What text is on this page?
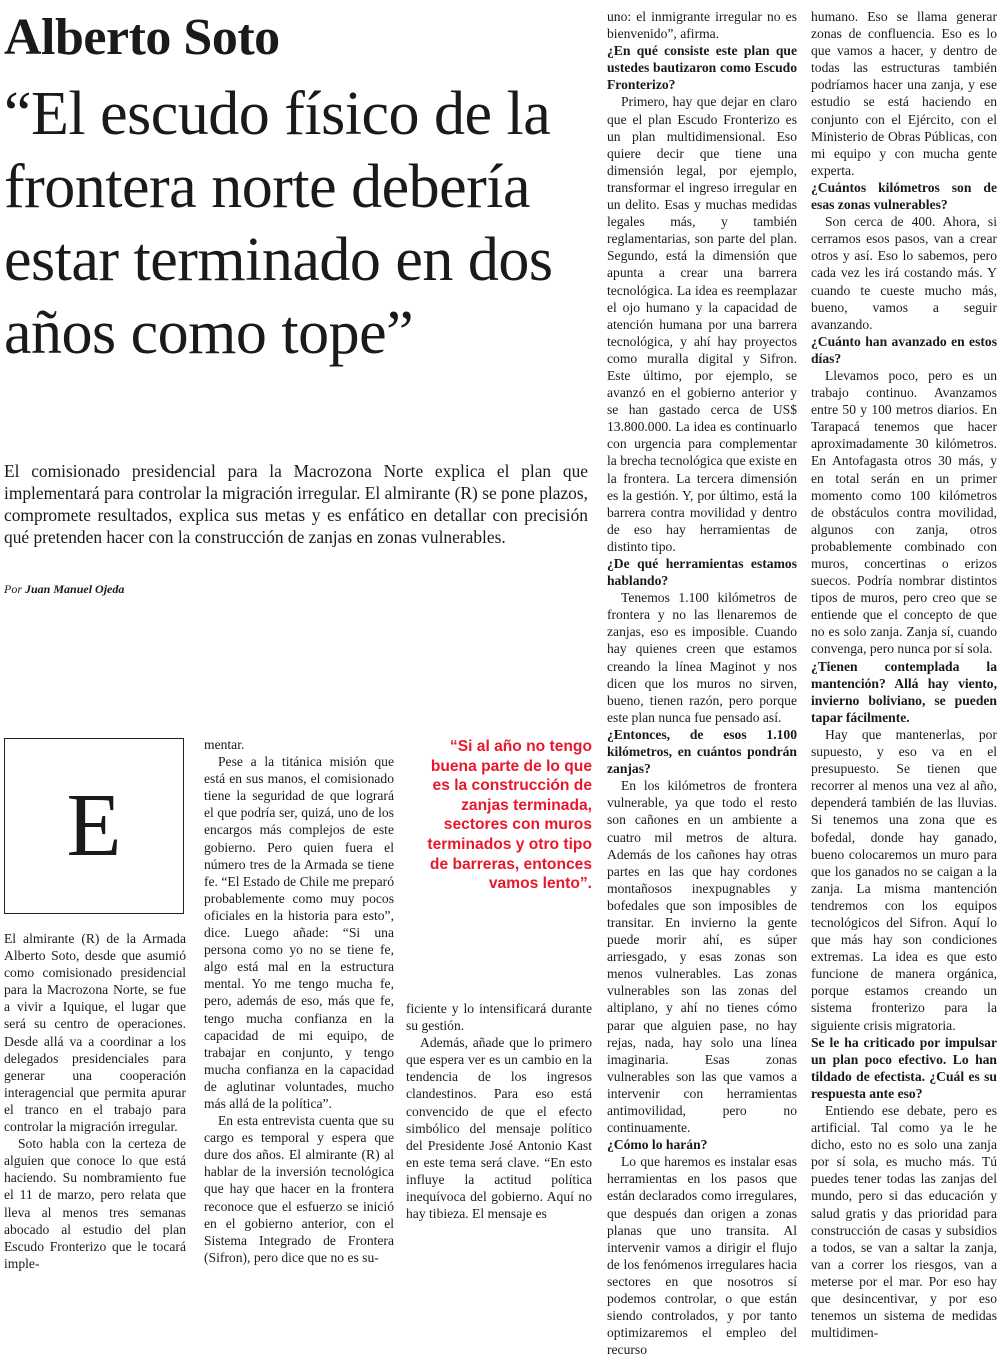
Alberto Soto
“El escudo físico de la frontera norte debería estar terminado en dos años como tope”
El comisionado presidencial para la Macrozona Norte explica el plan que implementará para controlar la migración irregular. El almirante (R) se pone plazos, compromete resultados, explica sus metas y es enfático en detallar con precisión qué pretenden hacer con la construcción de zanjas en zonas vulnerables.
Por Juan Manuel Ojeda
E

El almirante (R) de la Armada Alberto Soto, desde que asumió como comisionado presidencial para la Macrozona Norte, se fue a vivir a Iquique, el lugar que será su centro de operaciones. Desde allá va a coordinar a los delegados presidenciales para generar una cooperación interagencial que permita apurar el tranco en el trabajo para controlar la migración irregular.

Soto habla con la certeza de alguien que conoce lo que está haciendo. Su nombramiento fue el 11 de marzo, pero relata que lleva al menos tres semanas abocado al estudio del plan Escudo Fronterizo que le tocará imple-

mentar.

Pese a la titánica misión que está en sus manos, el comisionado tiene la seguridad de que logrará el que podría ser, quizá, uno de los encargos más complejos de este gobierno. Pero quien fuera el número tres de la Armada se tiene fe. “El Estado de Chile me preparó probablemente como muy pocos oficiales en la historia para esto”, dice. Luego añade: “Si una persona como yo no se tiene fe, algo está mal en la estructura mental. Yo me tengo mucha fe, pero, además de eso, más que fe, tengo mucha confianza en la capacidad de mi equipo, de trabajar en conjunto, y tengo mucha confianza en la capacidad de aglutinar voluntades, mucho más allá de la política”.

En esta entrevista cuenta que su cargo es temporal y espera que dure dos años. El almirante (R) al hablar de la inversión tecnológica que hay que hacer en la frontera reconoce que el esfuerzo se inició en el gobierno anterior, con el Sistema Integrado de Frontera (Sifron), pero dice que no es su-

“Si al año no tengo buena parte de lo que es la construcción de zanjas terminada, sectores con muros terminados y otro tipo de barreras, entonces vamos lento”.

ficiente y lo intensificará durante su gestión.

Además, añade que lo primero que espera ver es un cambio en la tendencia de los ingresos clandestinos. Para eso está convencido de que el efecto simbólico del mensaje político del Presidente José Antonio Kast en este tema será clave. “En esto influye la actitud política inequívoca del gobierno. Aquí no hay tibieza. El mensaje es

uno: el inmigrante irregular no es bienvenido”, afirma.

¿En qué consiste este plan que ustedes bautizaron como Escudo Fronterizo?

Primero, hay que dejar en claro que el plan Escudo Fronterizo es un plan multidimensional. Eso quiere decir que tiene una dimensión legal, por ejemplo, transformar el ingreso irregular en un delito. Esas y muchas medidas legales más, y también reglamentarias, son parte del plan. Segundo, está la dimensión que apunta a crear una barrera tecnológica. La idea es reemplazar el ojo humano y la capacidad de atención humana por una barrera tecnológica, y ahí hay proyectos como muralla digital y Sifron. Este último, por ejemplo, se avanzó en el gobierno anterior y se han gastado cerca de US$ 13.800.000. La idea es continuarlo con urgencia para complementar la brecha tecnológica que existe en la frontera. La tercera dimensión es la gestión. Y, por último, está la barrera contra movilidad y dentro de eso hay herramientas de distinto tipo.

¿De qué herramientas estamos hablando?

Tenemos 1.100 kilómetros de frontera y no las llenaremos de zanjas, eso es imposible. Cuando hay quienes creen que estamos creando la línea Maginot y nos dicen que los muros no sirven, bueno, tienen razón, pero porque este plan nunca fue pensado así.

¿Entonces, de esos 1.100 kilómetros, en cuántos pondrán zanjas?

En los kilómetros de frontera vulnerable, ya que todo el resto son cañones en un ambiente a cuatro mil metros de altura. Además de los cañones hay otras partes en las que hay cordones montañosos inexpugnables y bofedales que son imposibles de transitar. En invierno la gente puede morir ahí, es súper arriesgado, y esas zonas son menos vulnerables. Las zonas vulnerables son las zonas del altiplano, y ahí no tienes cómo parar que alguien pase, no hay rejas, nada, hay solo una línea imaginaria. Esas zonas vulnerables son las que vamos a intervenir con herramientas antimovilidad, pero no continuamente.

¿Cómo lo harán?

Lo que haremos es instalar esas herramientas en los pasos que están declarados como irregulares, que después dan origen a zonas planas que uno transita. Al intervenir vamos a dirigir el flujo de los fenómenos irregulares hacia sectores en que nosotros sí podemos controlar, o que están siendo controlados, y por tanto optimizaremos el empleo del recurso

humano. Eso se llama generar zonas de confluencia. Eso es lo que vamos a hacer, y dentro de todas las estructuras también podríamos hacer una zanja, y ese estudio se está haciendo en conjunto con el Ejército, con el Ministerio de Obras Públicas, con mi equipo y con mucha gente experta.

¿Cuántos kilómetros son de esas zonas vulnerables?

Son cerca de 400. Ahora, si cerramos esos pasos, van a crear otros y así. Eso lo sabemos, pero cada vez les irá costando más. Y cuando te cueste mucho más, bueno, vamos a seguir avanzando.

¿Cuánto han avanzado en estos días?

Llevamos poco, pero es un trabajo continuo. Avanzamos entre 50 y 100 metros diarios. En Tarapacá tenemos que hacer aproximadamente 30 kilómetros. En Antofagasta otros 30 más, y en total serán en un primer momento como 100 kilómetros de obstáculos contra movilidad, algunos con zanja, otros probablemente combinado con muros, concertinas o erizos suecos. Podría nombrar distintos tipos de muros, pero creo que se entiende que el concepto de que no es solo zanja. Zanja sí, cuando convenga, pero nunca por sí sola.

¿Tienen contemplada la mantención? Allá hay viento, invierno boliviano, se pueden tapar fácilmente.

Hay que mantenerlas, por supuesto, y eso va en el presupuesto. Se tienen que recorrer al menos una vez al año, dependerá también de las lluvias. Si tenemos una zona que es bofedal, donde hay ganado, bueno colocaremos un muro para que los ganados no se caigan a la zanja. La misma mantención tendremos con los equipos tecnológicos del Sifron. Aquí lo que más hay son condiciones extremas. La idea es que esto funcione de manera orgánica, porque estamos creando un sistema fronterizo para la siguiente crisis migratoria.

Se le ha criticado por impulsar un plan poco efectivo. Lo han tildado de efectista. ¿Cuál es su respuesta ante eso?

Entiendo ese debate, pero es artificial. Tal como ya le he dicho, esto no es solo una zanja por sí sola, es mucho más. Tú puedes tener todas las zanjas del mundo, pero si das educación y salud gratis y das prioridad para construcción de casas y subsidios a todos, se van a saltar la zanja, van a correr los riesgos, van a meterse por el mar. Por eso hay que desincentivar, y por eso tenemos un sistema de medidas multidimen-
